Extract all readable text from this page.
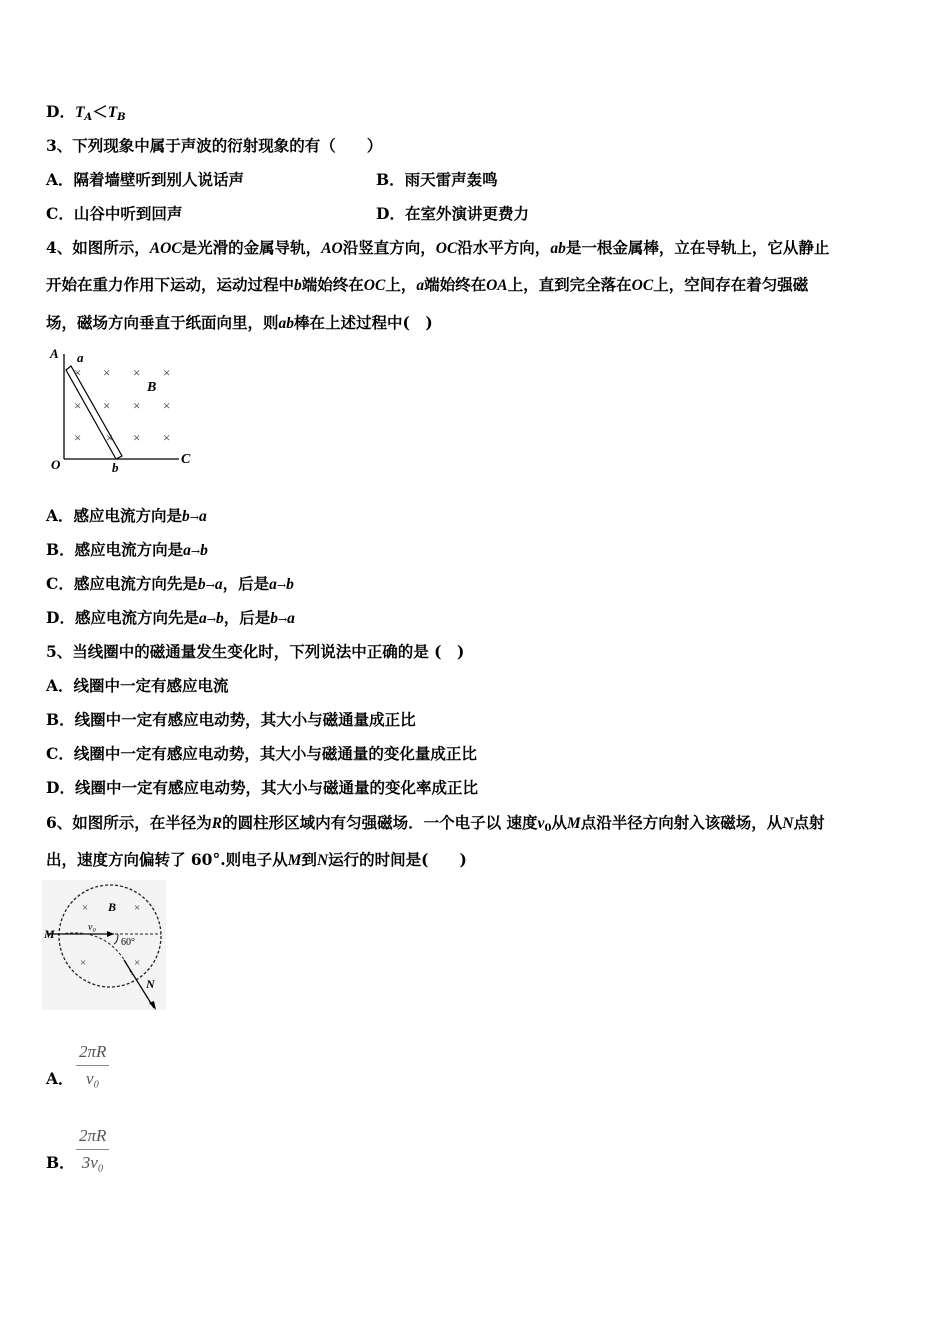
D．$T_A<T_B$
3、下列现象中属于声波的衍射现象的有（　　）
A．隔着墙壁听到别人说话声	B．雨天雷声轰鸣
C．山谷中听到回声	D．在室外演讲更费力
4、如图所示，AOC是光滑的金属导轨，AO沿竖直方向，OC沿水平方向，ab是一根金属棒，立在导轨上，它从静止
开始在重力作用下运动，运动过程中b端始终在OC上，a端始终在OA上，直到完全落在OC上，空间存在着匀强磁
场，磁场方向垂直于纸面向里，则ab棒在上述过程中(　)
× × × ×
× × × ×
× × × ×
A a
B
O	b
C
A．感应电流方向是b→a
B．感应电流方向是a→b
C．感应电流方向先是b→a，后是a→b
D．感应电流方向先是a→b，后是b→a
5、当线圈中的磁通量发生变化时，下列说法中正确的是 (　)
A．线圈中一定有感应电流
B．线圈中一定有感应电动势，其大小与磁通量成正比
C．线圈中一定有感应电动势，其大小与磁通量的变化量成正比
D．线圈中一定有感应电动势，其大小与磁通量的变化率成正比
6、如图所示，在半径为R的圆柱形区域内有匀强磁场．一个电子以 速度$v_0$从M点沿半径方向射入该磁场，从N点射
出，速度方向偏转了 60°.则电子从M到N运行的时间是(　　)
×	×
×	×
B
M	v₀
60°
N
A．
2πR
v₀
B．
2πR
3v₀
